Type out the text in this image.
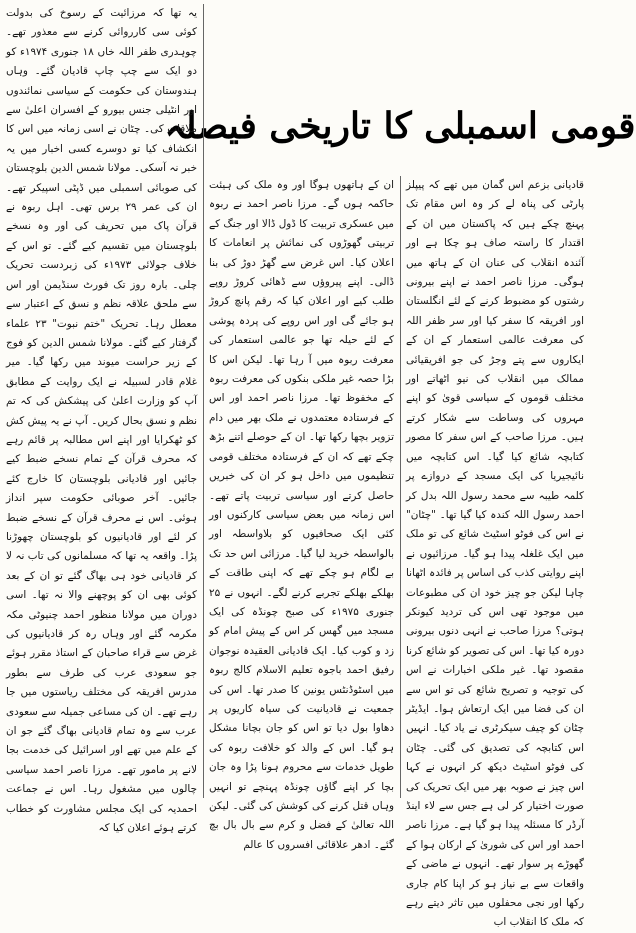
قومی اسمبلی کا تاریخی فیصلہ

قادیانی بزعم اس گمان میں تھے کہ پیپلز پارٹی کی پناہ لے کر وہ اس مقام تک پہنچ چکے ہیں کہ پاکستان میں ان کے اقتدار کا راستہ صاف ہو چکا ہے اور آئندہ انقلاب کی عنان ان کے ہاتھ میں ہوگی۔ مرزا ناصر احمد نے اپنے بیرونی رشتوں کو مضبوط کرنے کے لئے انگلستان اور افریقہ کا سفر کیا اور سر ظفر اللہ کی معرفت عالمی استعمار کے ان کے ایکاروں سے پتے وجڑ کی جو افریقیائی ممالک میں انقلاب کی نیو اٹھاتے اور مختلف قوموں کے سیاسی قویٰ کو اپنے مہروں کی وساطت سے شکار کرتے ہیں۔ مرزا صاحب کے اس سفر کا مصور کتابچہ شائع کیا گیا۔ اس کتابچہ میں نائیجیریا کی ایک مسجد کے دروازے پر کلمہ طیبہ سے محمد رسول اللہ بدل کر احمد رسول اللہ کندہ کیا گیا تھا۔ "چٹان" نے اس کی فوٹو اسٹیٹ شائع کی تو ملک میں ایک غلغلہ پیدا ہو گیا۔ مرزائیوں نے اپنے روایتی کذب کی اساس پر فائدہ اٹھانا چاہا لیکن جو چیز خود ان کی مطبوعات میں موجود تھی اس کی تردید کیونکر ہوتی؟ مرزا صاحب نے انہی دنوں بیرونی دورہ کیا تھا۔ اس کی تصویر کو شائع کرنا مقصود تھا۔ غیر ملکی اخبارات نے اس کی توجیہ و تصریح شائع کی تو اس سے ان کی فضا میں ایک ارتعاش ہوا۔ ایڈیٹر چٹان کو چیف سیکرٹری نے یاد کیا۔ انہیں اس کتابچہ کی تصدیق کی گئی۔ چٹان کی فوٹو اسٹیٹ دیکھ کر انہوں نے کہا اس چیز نے صوبہ بھر میں ایک تحریک کی صورت اختیار کر لی ہے جس سے لاء اینڈ آرڈر کا مسئلہ پیدا ہو گیا ہے۔ مرزا ناصر احمد اور اس کی شوریٰ کے ارکان ہوا کے گھوڑے پر سوار تھے۔ انہوں نے ماضی کے واقعات سے بے نیاز ہو کر اپنا کام جاری رکھا اور نجی محفلوں میں تاثر دیتے رہے کہ ملک کا انقلاب اب

ان کے ہاتھوں ہوگا اور وہ ملک کی ہیئت حاکمہ ہوں گے۔ مرزا ناصر احمد نے ربوہ میں عسکری تربیت کا ڈول ڈالا اور جنگ کے تربیتی گھوڑوں کی نمائش پر انعامات کا اعلان کیا۔ اس غرض سے گھڑ دوڑ کی بنا ڈالی۔ اپنے پیروؤں سے ڈھائی کروڑ روپے طلب کیے اور اعلان کیا کہ رقم پانچ کروڑ ہو جائے گی اور اس روپے کی پردہ پوشی کے لئے حیلہ تھا جو عالمی استعمار کی معرفت ربوہ میں آ رہا تھا۔ لیکن اس کا بڑا حصہ غیر ملکی بنکوں کی معرفت ربوہ کے مخفوظ تھا۔ مرزا ناصر احمد اور اس کے فرستادہ معتمدوں نے ملک بھر میں دام تزویر بچھا رکھا تھا۔ ان کے حوصلے اتنے بڑھ چکے تھے کہ ان کے فرستادہ مختلف قومی تنظیموں میں داخل ہو کر ان کی خبریں حاصل کرتے اور سیاسی تربیت پاتے تھے۔ اس زمانہ میں بعض سیاسی کارکنوں اور کئی ایک صحافیوں کو بلاواسطہ اور بالواسطہ خرید لیا گیا۔ مرزائی اس حد تک بے لگام ہو چکے تھے کہ اپنی طاقت کے بھلکے بھلکے تجربے کرنے لگے۔ انہوں نے ۲۵ جنوری ۱۹۷۵ء کی صبح چونڈہ کی ایک مسجد میں گھس کر اس کے پیش امام کو زد و کوب کیا۔ ایک قادیانی العقیدہ نوجوان رفیق احمد باجوہ تعلیم الاسلام کالج ربوہ میں اسٹوڈنٹس یونین کا صدر تھا۔ اس کی جمعیت نے قادیانیت کی سیاہ کاریوں پر دھاوا بول دیا تو اس کو جان بچانا مشکل ہو گیا۔ اس کے والد کو خلافت ربوہ کی طویل خدمات سے محروم ہونا پڑا وہ جان بچا کر اپنے گاؤں چونڈہ پہنچے تو انہیں وہاں قتل کرنے کی کوشش کی گئی۔ لیکن اللہ تعالیٰ کے فضل و کرم سے بال بال بچ گئے۔ ادھر علاقائی افسروں کا عالم

یہ تھا کہ مرزائیت کے رسوخ کی بدولت کوئی سی کارروائی کرنے سے معذور تھے۔ چوہدری ظفر اللہ خاں ۱۸ جنوری ۱۹۷۴ء کو دو ایک سے چپ چاپ قادیان گئے۔ وہاں ہندوستان کی حکومت کے سیاسی نمائندوں اور انٹیلی جنس بیورو کے افسران اعلیٰ سے ملاقات کی۔ چٹان نے اسی زمانہ میں اس کا انکشاف کیا تو دوسرے کسی اخبار میں یہ خبر نہ آسکی۔ مولانا شمس الدین بلوچستان کی صوبائی اسمبلی میں ڈپٹی اسپیکر تھے۔ ان کی عمر ۲۹ برس تھی۔ اہل ربوہ نے قرآن پاک میں تحریف کی اور وہ نسخے بلوچستان میں تقسیم کیے گئے۔ تو اس کے خلاف جولائی ۱۹۷۳ء کی زبردست تحریک چلی۔ بارہ روز تک فورٹ سنڈیمن اور اس سے ملحق علاقہ نظم و نسق کے اعتبار سے معطل رہا۔ تحریک "ختم نبوت" ۲۳ علماء گرفتار کیے گئے۔ مولانا شمس الدین کو فوج کے زیر حراست میوند میں رکھا گیا۔ میر غلام قادر لسبیلہ نے ایک روایت کے مطابق آپ کو وزارت اعلیٰ کی پیشکش کی کہ تم نظم و نسق بحال کریں۔ آپ نے یہ پیش کش کو ٹھکرایا اور اپنے اس مطالبہ پر قائم رہے کہ محرف قرآن کے تمام نسخے ضبط کیے جائیں اور قادیانی بلوچستان کا خارج کئے جائیں۔ آخر صوبائی حکومت سپر انداز ہوئی۔ اس نے محرف قرآن کے نسخے ضبط کر لئے اور قادیانیوں کو بلوچستان چھوڑنا پڑا۔ واقعہ یہ تھا کہ مسلمانوں کی تاب نہ لا کر قادیانی خود ہی بھاگ گئے تو ان کے بعد کوئی بھی ان کو پوچھنے والا نہ تھا۔ اسی دوران میں مولانا منظور احمد چنیوٹی مکہ مکرمہ گئے اور وہاں رہ کر قادیانیوں کی غرض سے قراء صاحبان کے استاذ مقرر ہوئے جو سعودی عرب کی طرف سے بطور مدرس افریقہ کی مختلف ریاستوں میں جا رہے تھے۔ ان کی مساعی جمیلہ سے سعودی عرب سے وہ تمام قادیانی بھاگ گئے جو ان کے علم میں تھے اور اسرائیل کی خدمت بجا لانے پر مامور تھے۔ مرزا ناصر احمد سیاسی چالوں میں مشغول رہا۔ اس نے جماعت احمدیہ کی ایک مجلس مشاورت کو خطاب کرتے ہوئے اعلان کیا کہ
